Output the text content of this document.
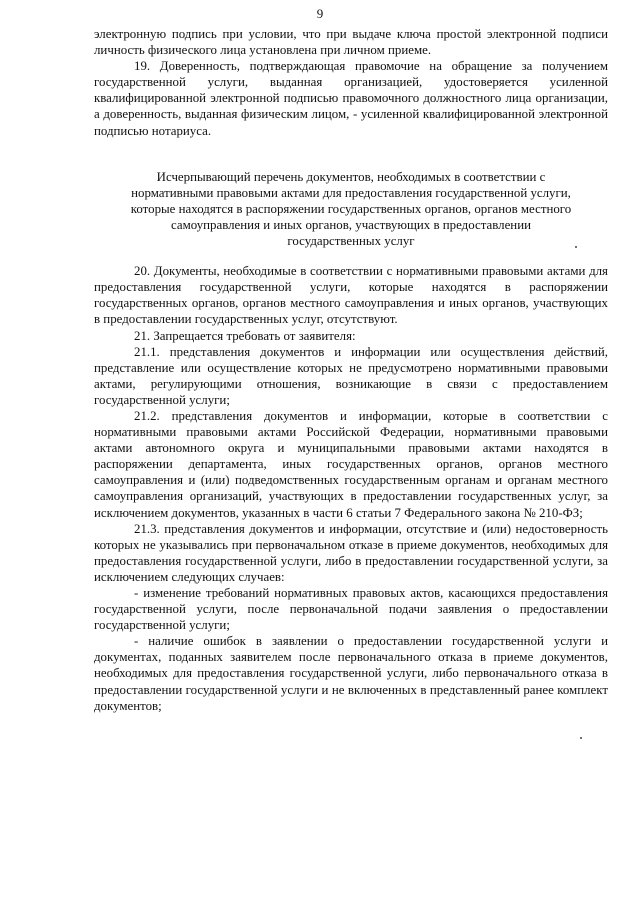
9

электронную подпись при условии, что при выдаче ключа простой электронной подписи личность физического лица установлена при личном приеме.

19. Доверенность, подтверждающая правомочие на обращение за получением государственной услуги, выданная организацией, удостоверяется усиленной квалифицированной электронной подписью правомочного должностного лица организации, а доверенность, выданная физическим лицом, - усиленной квалифицированной электронной подписью нотариуса.

Исчерпывающий перечень документов, необходимых в соответствии с
нормативными правовыми актами для предоставления государственной услуги,
которые находятся в распоряжении государственных органов, органов местного
самоуправления и иных органов, участвующих в предоставлении
государственных услуг

20. Документы, необходимые в соответствии с нормативными правовыми актами для предоставления государственной услуги, которые находятся в распоряжении государственных органов, органов местного самоуправления и иных органов, участвующих в предоставлении государственных услуг, отсутствуют.

21. Запрещается требовать от заявителя:

21.1. представления документов и информации или осуществления действий, представление или осуществление которых не предусмотрено нормативными правовыми актами, регулирующими отношения, возникающие в связи с предоставлением государственной услуги;

21.2. представления документов и информации, которые в соответствии с нормативными правовыми актами Российской Федерации, нормативными правовыми актами автономного округа и муниципальными правовыми актами находятся в распоряжении департамента, иных государственных органов, органов местного самоуправления и (или) подведомственных государственным органам и органам местного самоуправления организаций, участвующих в предоставлении государственных услуг, за исключением документов, указанных в части 6 статьи 7 Федерального закона № 210-ФЗ;

21.3. представления документов и информации, отсутствие и (или) недостоверность которых не указывались при первоначальном отказе в приеме документов, необходимых для предоставления государственной услуги, либо в предоставлении государственной услуги, за исключением следующих случаев:

- изменение требований нормативных правовых актов, касающихся предоставления государственной услуги, после первоначальной подачи заявления о предоставлении государственной услуги;

- наличие ошибок в заявлении о предоставлении государственной услуги и документах, поданных заявителем после первоначального отказа в приеме документов, необходимых для предоставления государственной услуги, либо первоначального отказа в предоставлении государственной услуги и не включенных в представленный ранее комплект документов;
